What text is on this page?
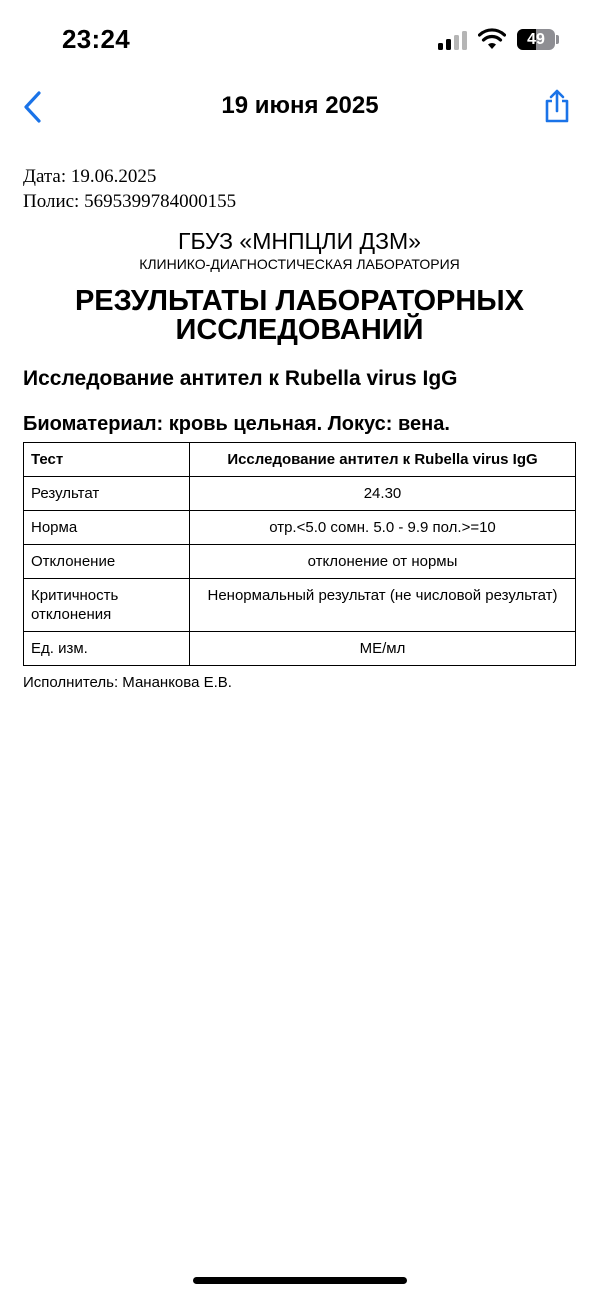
23:24	49
19 июня 2025
Дата: 19.06.2025
Полис: 5695399784000155
ГБУЗ «МНПЦЛИ ДЗМ»
КЛИНИКО-ДИАГНОСТИЧЕСКАЯ ЛАБОРАТОРИЯ
РЕЗУЛЬТАТЫ ЛАБОРАТОРНЫХ
ИССЛЕДОВАНИЙ
Исследование антител к Rubella virus IgG
Биоматериал: кровь цельная. Локус: вена.
Тест	Исследование антител к Rubella virus IgG
Результат	24.30
Норма	отр.<5.0 сомн. 5.0 - 9.9 пол.>=10
Отклонение	отклонение от нормы
Критичность отклонения	Ненормальный результат (не числовой результат)
Ед. изм.	МЕ/мл
Исполнитель: Мананкова Е.В.
